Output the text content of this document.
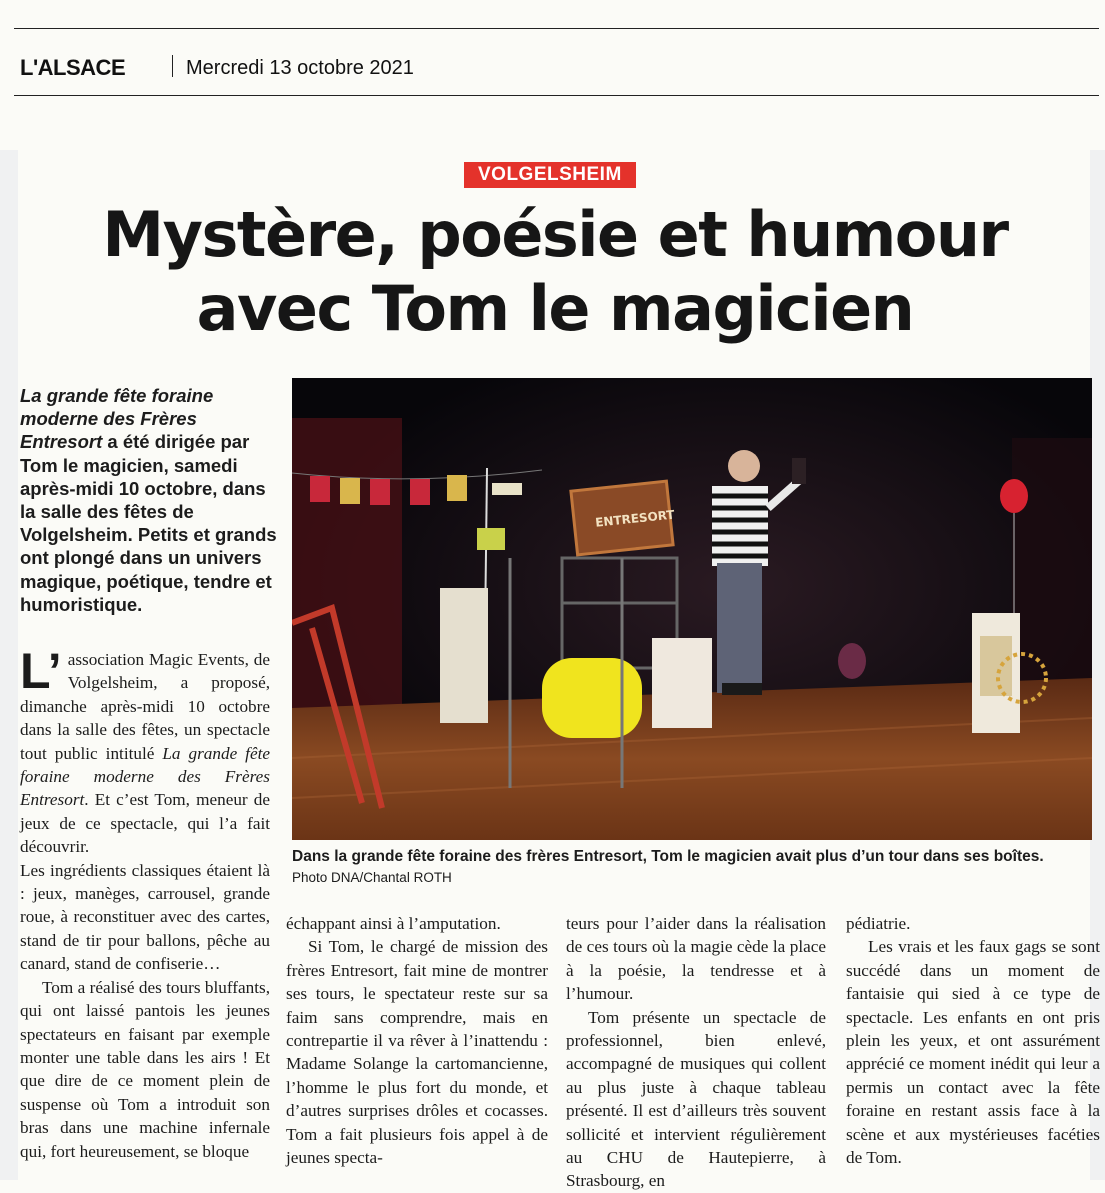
L'ALSACE	Mercredi 13 octobre 2021
VOLGELSHEIM
Mystère, poésie et humour
avec Tom le magicien
La grande fête foraine moderne des Frères Entresort a été dirigée par Tom le magicien, samedi après-midi 10 octobre, dans la salle des fêtes de Volgelsheim. Petits et grands ont plongé dans un univers magique, poétique, tendre et humoristique.

L’ association Magic Events, de Volgelsheim, a proposé, dimanche après-midi 10 octobre dans la salle des fêtes, un spectacle tout public intitulé La grande fête foraine moderne des Frères Entresort. Et c’est Tom, meneur de jeux de ce spectacle, qui l’a fait découvrir.

Les ingrédients classiques étaient là : jeux, manèges, carrousel, grande roue, à reconstituer avec des cartes, stand de tir pour ballons, pêche au canard, stand de confiserie…

Tom a réalisé des tours bluffants, qui ont laissé pantois les jeunes spectateurs en faisant par exemple monter une table dans les airs ! Et que dire de ce moment plein de suspense où Tom a introduit son bras dans une machine infernale qui, fort heureusement, se bloque

ENTRESORT
Dans la grande fête foraine des frères Entresort, Tom le magicien avait plus d’un tour dans ses boîtes. Photo DNA/Chantal ROTH

échappant ainsi à l’amputation.

Si Tom, le chargé de mission des frères Entresort, fait mine de montrer ses tours, le spectateur reste sur sa faim sans comprendre, mais en contrepartie il va rêver à l’inattendu : Madame Solange la cartomancienne, l’homme le plus fort du monde, et d’autres surprises drôles et cocasses. Tom a fait plusieurs fois appel à de jeunes specta-

teurs pour l’aider dans la réalisation de ces tours où la magie cède la place à la poésie, la tendresse et à l’humour.

Tom présente un spectacle de professionnel, bien enlevé, accompagné de musiques qui collent au plus juste à chaque tableau présenté. Il est d’ailleurs très souvent sollicité et intervient régulièrement au CHU de Hautepierre, à Strasbourg, en

pédiatrie.

Les vrais et les faux gags se sont succédé dans un moment de fantaisie qui sied à ce type de spectacle. Les enfants en ont pris plein les yeux, et ont assurément apprécié ce moment inédit qui leur a permis un contact avec la fête foraine en restant assis face à la scène et aux mystérieuses facéties de Tom.
